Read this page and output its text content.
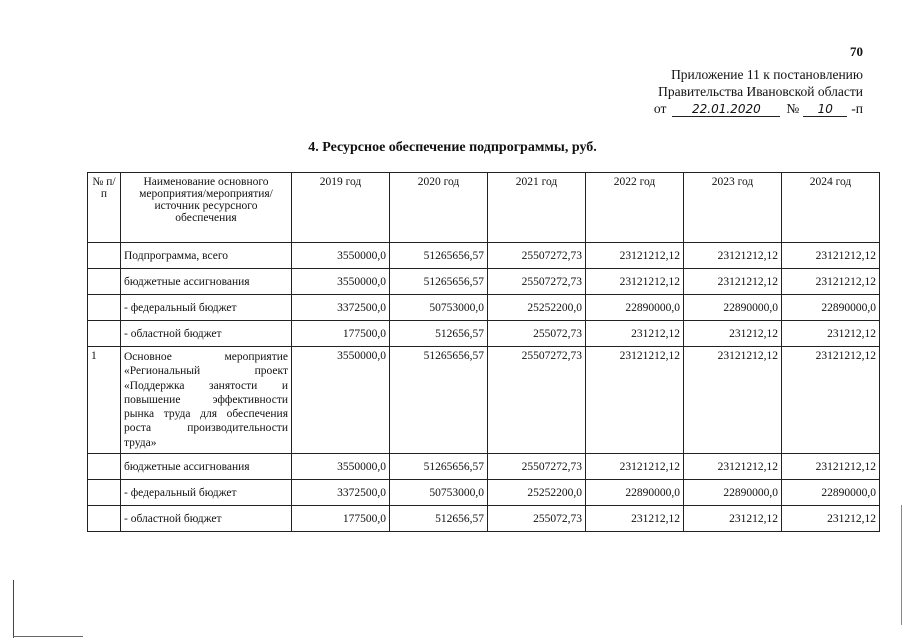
70
Приложение 11 к постановлению
Правительства Ивановской области
от 22.01.2020 № 10 -п
4. Ресурсное обеспечение подпрограммы, руб.
№ п/п	Наименование основного мероприятия/мероприятия/ источник ресурсного обеспечения	2019 год	2020 год	2021 год	2022 год	2023 год	2024 год
	Подпрограмма, всего	3550000,0	51265656,57	25507272,73	23121212,12	23121212,12	23121212,12
	бюджетные ассигнования	3550000,0	51265656,57	25507272,73	23121212,12	23121212,12	23121212,12
	- федеральный бюджет	3372500,0	50753000,0	25252200,0	22890000,0	22890000,0	22890000,0
	- областной бюджет	177500,0	512656,57	255072,73	231212,12	231212,12	231212,12
1	Основное мероприятие «Региональный проект «Поддержка занятости и повышение эффективности рынка труда для обеспечения роста производительности труда»	3550000,0	51265656,57	25507272,73	23121212,12	23121212,12	23121212,12
	бюджетные ассигнования	3550000,0	51265656,57	25507272,73	23121212,12	23121212,12	23121212,12
	- федеральный бюджет	3372500,0	50753000,0	25252200,0	22890000,0	22890000,0	22890000,0
	- областной бюджет	177500,0	512656,57	255072,73	231212,12	231212,12	231212,12
